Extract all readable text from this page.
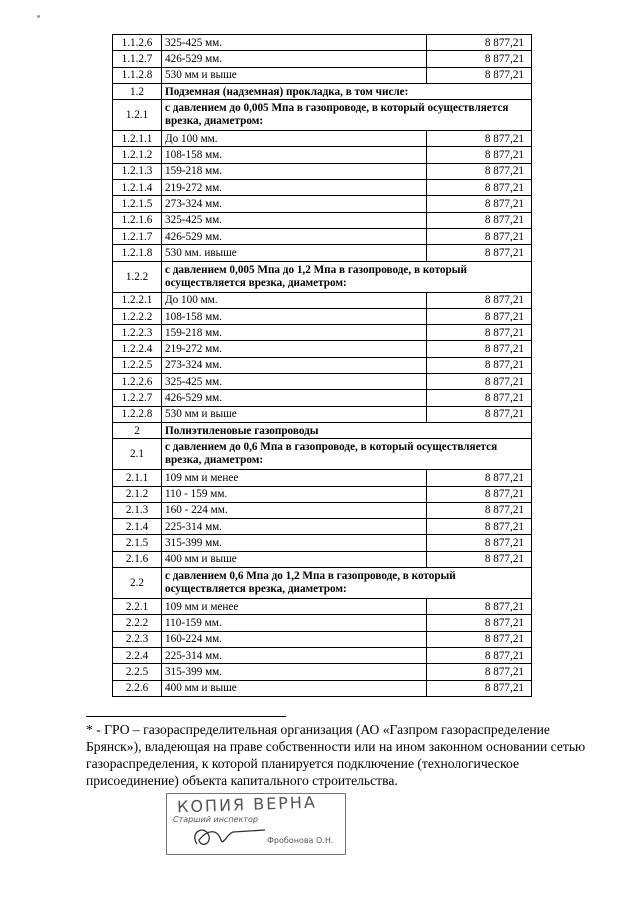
1.1.2.6	325-425 мм.	8 877,21
1.1.2.7	426-529 мм.	8 877,21
1.1.2.8	530 мм и выше	8 877,21
1.2	Подземная (надземная) прокладка, в том числе:	
1.2.1	с давлением до 0,005 Мпа в газопроводе, в который осуществляется врезка, диаметром:	
1.2.1.1	До 100 мм.	8 877,21
1.2.1.2	108-158 мм.	8 877,21
1.2.1.3	159-218 мм.	8 877,21
1.2.1.4	219-272 мм.	8 877,21
1.2.1.5	273-324 мм.	8 877,21
1.2.1.6	325-425 мм.	8 877,21
1.2.1.7	426-529 мм.	8 877,21
1.2.1.8	530 мм. ивыше	8 877,21
1.2.2	с давлением 0,005 Мпа до 1,2 Мпа в газопроводе, в который осуществляется врезка, диаметром:	
1.2.2.1	До 100 мм.	8 877,21
1.2.2.2	108-158 мм.	8 877,21
1.2.2.3	159-218 мм.	8 877,21
1.2.2.4	219-272 мм.	8 877,21
1.2.2.5	273-324 мм.	8 877,21
1.2.2.6	325-425 мм.	8 877,21
1.2.2.7	426-529 мм.	8 877,21
1.2.2.8	530 мм и выше	8 877,21
2	Полиэтиленовые газопроводы	
2.1	с давлением до 0,6 Мпа в газопроводе, в который осуществляется врезка, диаметром:	
2.1.1	109 мм и менее	8 877,21
2.1.2	110 - 159 мм.	8 877,21
2.1.3	160 - 224 мм.	8 877,21
2.1.4	225-314 мм.	8 877,21
2.1.5	315-399 мм.	8 877,21
2.1.6	400 мм и выше	8 877,21
2.2	с давлением 0,6 Мпа до 1,2 Мпа в газопроводе, в который осуществляется врезка, диаметром:	
2.2.1	109 мм и менее	8 877,21
2.2.2	110-159 мм.	8 877,21
2.2.3	160-224 мм.	8 877,21
2.2.4	225-314 мм.	8 877,21
2.2.5	315-399 мм.	8 877,21
2.2.6	400 мм и выше	8 877,21
* - ГРО – газораспределительная организация (АО «Газпром газораспределение Брянск»), владеющая на праве собственности или на ином законном основании сетью газораспределения, к которой планируется подключение (технологическое присоединение) объекта капитального строительства.
КОПИЯ ВЕРНА
Старший инспектор
Фробонова О.Н.
